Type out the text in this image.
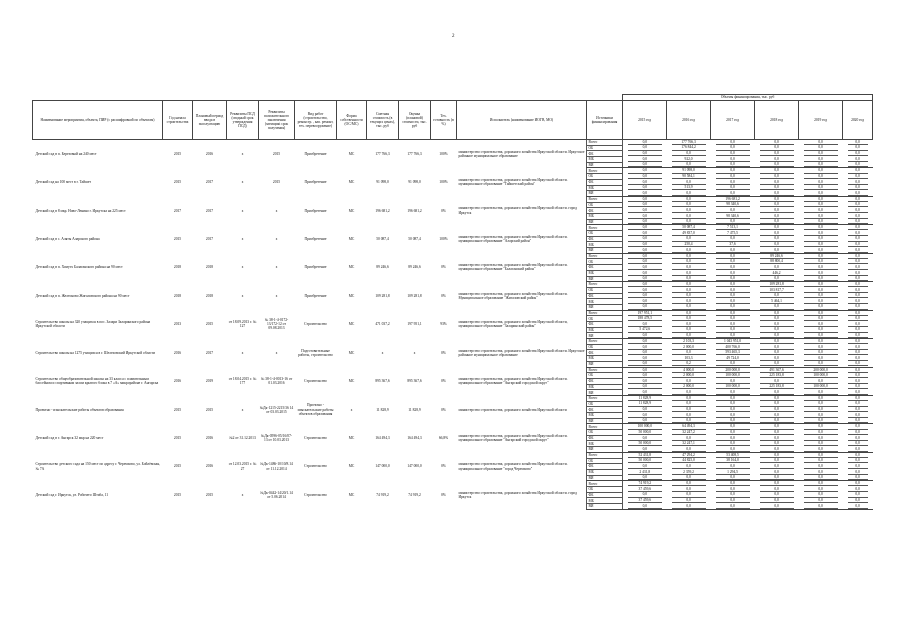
2
												Объемы финансирования, тыс. руб					
Наименование мероприятия, объекта, ПИР (с расшифровкой по объектам)	Год начала строительства	Плановый период ввода в эксплуатацию	Реквизиты ПСД (сводный срок утверждения ПСД)	Реквизиты положительного заключения (заемщикt срок получения)	Вид работ (строительство, реконстр. , кап. ремонт, тех. перевооружение)	Форма собственности (ОС/МС)	Сметная стоимость (в текущих ценах), тыс. руб	Оценка (плановой) стоимости, тыс. руб	Тех. готовность (в %)	Исполнитель (наименование ИОГВ, МО)	Источники финансирования	2015 год	2016 год	2017 год	2018 год	2019 год	2020 год
Детский сад в п. Березовый на 240 мест	2015	2016	х	2015	Приобретение	МС	177 766,3	177 766,3	100%	министерство строительства, дорожного хозяйства Иркутской области. Иркутское районное муниципальное образование	Всего	0,0	177 766,3	0,0	0,0	0,0	0,0

											ОБ	0,0	176 844,2	0,0	0,0	0,0	0,0

											ФБ	0,0	0,0	0,0	0,0	0,0	0,0

											МБ	0,0	922,0	0,0	0,0	0,0	0,0

											ВИ	0,0	0,0	0,0	0,0	0,0	0,0

Детский сад на 100 мест в г. Тайшет	2015	2017	х	2015	Приобретение	МС	91 098,0	91 098,0	100%	министерство строительства, дорожного хозяйства Иркутской области. муниципальное образование "Тайшетский район"	Всего	0,0	91 098,0	0,0	0,0	0,0	0,0

											ОБ	0,0	90 584,1	0,0	0,0	0,0	0,0

											ФБ	0,0	0,0	0,0	0,0	0,0	0,0

											МБ	0,0	513,9	0,0	0,0	0,0	0,0

											ВИ	0,0	0,0	0,0	0,0	0,0	0,0

Детский сад в 8 мкр. Ново-Ленино г. Иркутска на 225 мест	2017	2017	х	х	Приобретение	МС	196 681,2	196 681,2	0%	министерство строительства, дорожного хозяйства Иркутской области. город Иркутск	Всего	0,0	0,0	196 681,2	0,0	0,0	0,0

											ОБ	0,0	0,0	98 340,6	0,0	0,0	0,0

											ФБ	0,0	0,0	0,0	0,0	0,0	0,0

											МБ	0,0	0,0	98 340,6	0,0	0,0	0,0

											ВИ	0,0	0,0	0,0	0,0	0,0	0,0

Детский сад в с. Аляты Аларского района	2015	2017	х	х	Приобретение	МС	50 087,4	50 087,4	100%	министерство строительства, дорожного хозяйства Иркутской области. муниципальное образование "Аларский район"	Всего	0,0	50 087,4	7 513,1	0,0	0,0	0,0

											ОБ	0,0	49 837,0	7 475,5	0,0	0,0	0,0

											ФБ	0,0	0,0	0,0	0,0	0,0	0,0

											МБ	0,0	250,4	37,6	0,0	0,0	0,0

											ВИ	0,0	0,0	0,0	0,0	0,0	0,0

Детский сад в п. Хомутх Балаганского района на 90 мест	2018	2018	х	х	Приобретение	МС	89 246,6	89 246,6	0%	министерство строительства, дорожного хозяйства Иркутской области. муниципальное образование "Балаганский район"	Всего	0,0	0,0	0,0	89 246,6	0,0	0,0

											ОБ	0,0	0,0	0,0	88 800,4	0,0	0,0

											ФБ	0,0	0,0	0,0	0,0	0,0	0,0

											МБ	0,0	0,0	0,0	446,2	0,0	0,0

											ВИ	0,0	0,0	0,0	0,0	0,0	0,0

Детский сад в п. Желтоново Жигаловского района на 90 мест	2018	2018	х	х	Приобретение	МС	109 281,8	109 281,8	0%	министерство строительства, дорожного хозяйства Иркутской области. Муниципальное образование "Жигаловский район"	Всего	0,0	0,0	0,0	109 281,8	0,0	0,0

											ОБ	0,0	0,0	0,0	103 817,7	0,0	0,0

											ФБ	0,0	0,0	0,0	0,0	0,0	0,0

											МБ	0,0	0,0	0,0	5 464,1	0,0	0,0

											ВИ	0,0	0,0	0,0	0,0	0,0	0,0

Строительство школы на 320 учащихся в пос. Залари Заларинского района Иркутской области	2013	2015	от 18.09.2013 г. № 127	№ 38-1-4-0172-13/172-12 от 09.08.2013	Строительство	МС	471 037,2	197 951,1	93%	министерство строительства, дорожного хозяйства Иркутской области, муниципальное образование "Заларинский район"	Всего	197 951,1	0,0	0,0	0,0	0,0	0,0

											ОБ	188 478,5	0,0	0,0	0,0	0,0	0,0

											ФБ	0,0	0,0	0,0	0,0	0,0	0,0

											МБ	5 472,6	0,0	0,0	0,0	0,0	0,0

											ВИ	0,0	0,0	0,0	0,0	0,0	0,0

Строительство школы на 1275 учащихся в г. Шелеховский Иркутской области	2016	2017	х	х	Подготовительные работы, строительство	МС	х	х	0%	министерство строительства, дорожного хозяйства Иркутской области. Иркутское районное муниципальное образование	Всего	0,0	2 103,3	1 043 951,0	0,0	0,0	0,0

											ОБ	0,0	2 000,0	400 766,0	0,0	0,0	0,0

											ФБ	0,0	0,0	593 465,3	0,0	0,0	0,0

											МБ	0,0	103,3	49 724,0	0,0	0,0	0,0

											ВИ	0,0	0,2	0,0	0,0	0,0	0,0

Строительство общеобразовательной школы на 33 класса с плавательным бассейном и спортивным залом крытого блока в 7 «А» микрорайоне г. Ангарска	2016	2019	от 18.04.2015 г. № 177	№ 38-1-4-0013-16 от 01.03.2016	Строительство	МС	895 367,6	895 367,6	0%	министерство строительства, дорожного хозяйства Иркутской области. муниципальное образование "Ангарский городской округ"	Всего	0,0	4 000,0	200 000,0	491 367,6	200 000,0	0,0

											ОБ	0,0	2 000,0	100 000,0	225 183,8	100 000,0	0,0

											ФБ	0,0	0,0	0,0	0,0	0,0	0,0

											МБ	0,0	2 000,0	100 000,0	225 183,8	100 000,0	0,0

											ВИ	0,0	0,0	0,0	0,0	0,0	0,0

Проектно - изыскательские работы объектов образования	2015	2015	х	№Дк-1215-2215/36 14 от 03.03.2015	Проектно - изыскательские работы объектов образования	х	11 828,9	11 828,9	0%	министерство строительства, дорожного хозяйства Иркутской области	Всего	11 828,9	0,0	0,0	0,0	0,0	0,0

											ОБ	11 828,9	0,0	0,0	0,0	0,0	0,0

											ФБ	0,0	0,0	0,0	0,0	0,0	0,0

											МБ	0,0	0,0	0,0	0,0	0,0	0,0

											ВИ	0,0	0,0	0,0	0,0	0,0	0,0

Детский сад в г. Ангарск 32 мкр на 220 мест	2015	2016	№2 от 31.12.2013	№Дк-0596-05/16/07-13 от 10.03.2013	Строительство	МС	164 494,3	164 494,3	66,8%	министерство строительства, дорожного хозяйства Иркутской области. муниципальное образование "Ангарский городской округ"	Всего	100 000,0	64 494,3	0,0	0,0	0,0	0,0

											ОБ	50 000,0	32 247,2	0,0	0,0	0,0	0,0

											ФБ	0,0	0,0	0,0	0,0	0,0	0,0

											МБ	50 000,0	32 247,1	0,0	0,0	0,0	0,0

											ВИ	0,0	0,0	0,0	0,0	0,0	0,0

Строительство детского сада на 150 мест по адресу г. Черемхово, ул. Бойлёвская, № 7А	2015	2016	от 12.03.2015 г. № 27	№Дк-1486-10/10/8.14 от 11.12.2014	Строительство	МС	147 000,0	147 000,0	0%	министерство строительства, дорожного хозяйства Иркутской области. муниципальное образование "город Черемхово"	Всего	52 431,8	47 294,2	53 408,5	0,0	0,0	0,0

											ОБ	50 000,0	44 825,0	38 164,0	0,0	0,0	0,0

											ФБ	0,0	0,0	0,0	0,0	0,0	0,0

											МБ	2 431,8	2 359,2	1 294,5	0,0	0,0	0,0

											ВИ	0,0	0,0	0,0	0,0	0,0	0,0

Детский сад г. Иркутск, ул. Рабочего Штаба, 11	2015	2015	х	№Дк-0442-14/20/1.14 от 5.06.2014	Строительство	МС	74 919,2	74 919,2	0%	министерство строительства, дорожного хозяйства Иркутской области. город Иркутск	Всего	74 919,2	0,0	0,0	0,0	0,0	0,0

											ОБ	37 459,6	0,0	0,0	0,0	0,0	0,0

											ФБ	0,0	0,0	0,0	0,0	0,0	0,0

											МБ	37 459,6	0,0	0,0	0,0	0,0	0,0

											ВИ	0,0	0,0	0,0	0,0	0,0	0,0
